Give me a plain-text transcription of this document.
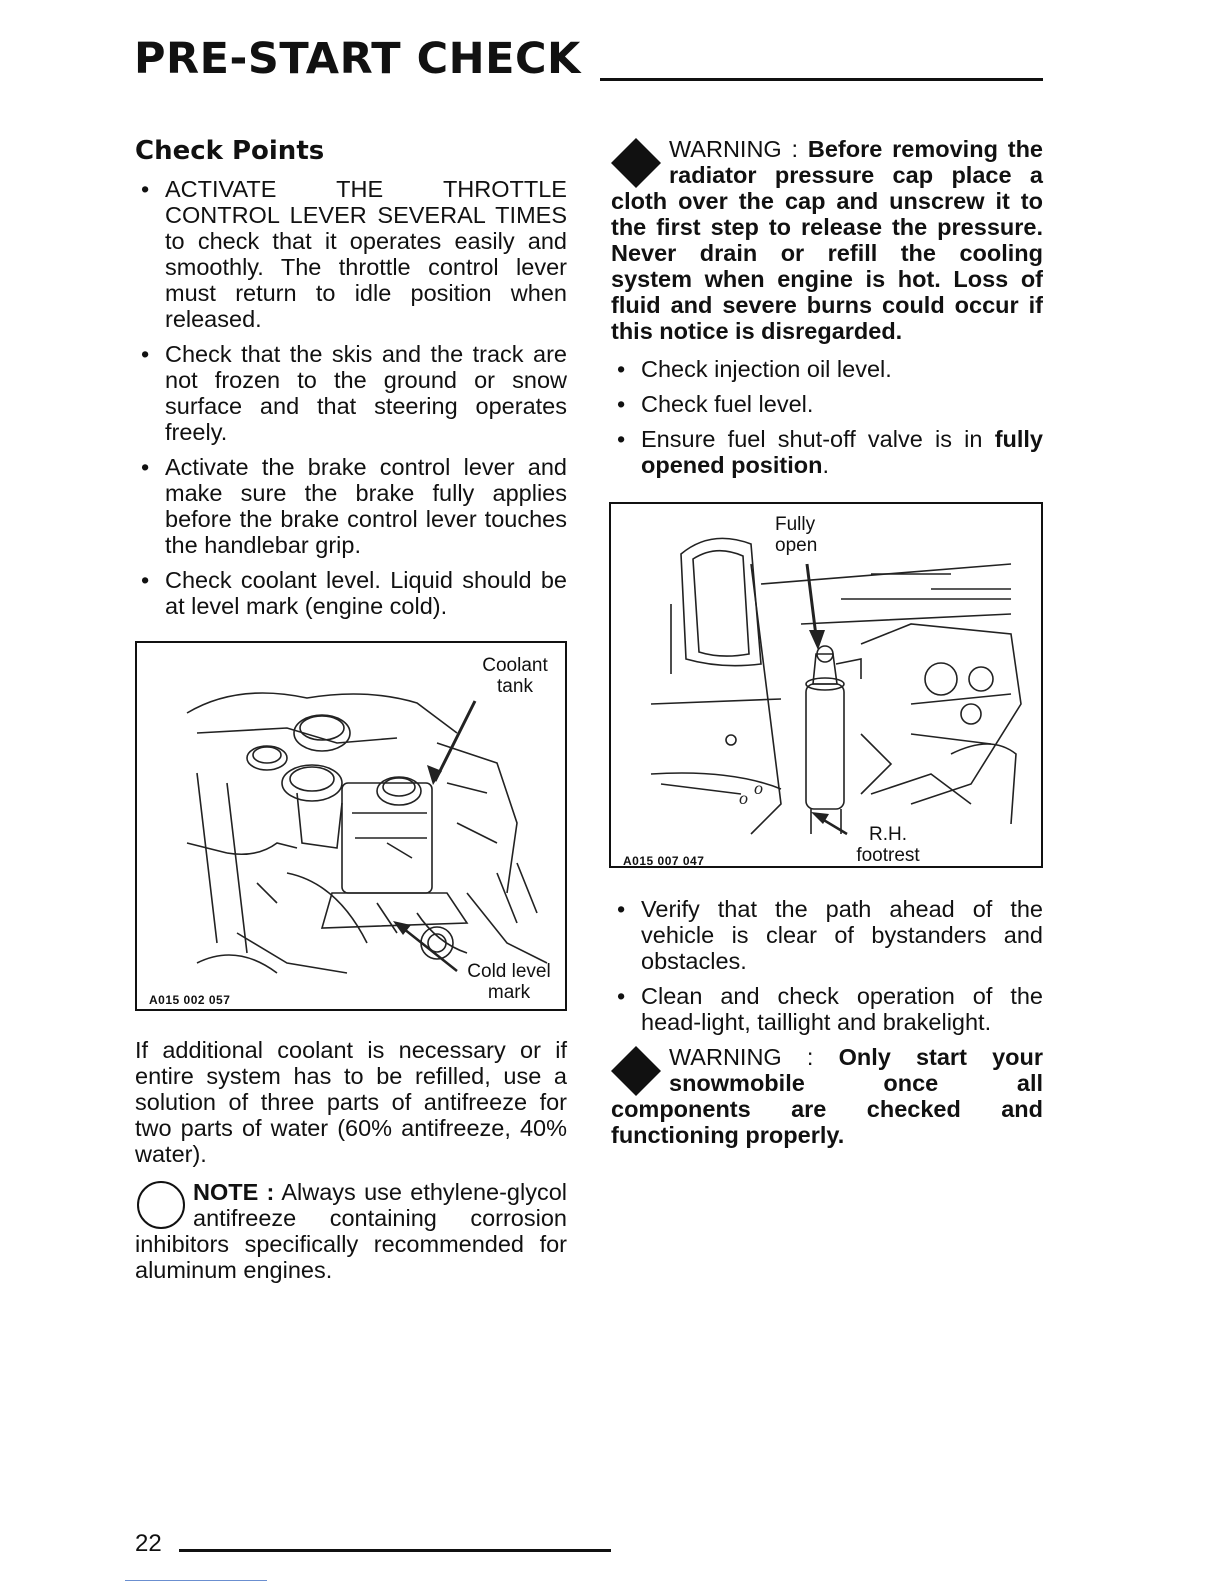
PRE-START CHECK
Check Points
• ACTIVATE THE THROTTLE CONTROL LEVER SEVERAL TIMES to check that it operates easily and smoothly. The throttle control lever must return to idle position when released.
• Check that the skis and the track are not frozen to the ground or snow surface and that steering operates freely.
• Activate the brake control lever and make sure the brake fully applies before the brake control lever touches the handlebar grip.
• Check coolant level. Liquid should be at level mark (engine cold).
Coolant
tank
Cold level
mark
A015 002 057

If additional coolant is necessary or if entire system has to be refilled, use a solution of three parts of antifreeze for two parts of water (60% antifreeze, 40% water).

NOTE : Always use ethylene-glycol antifreeze containing corrosion inhibitors specifically recommended for aluminum engines.
WARNING : Before removing the radiator pressure cap place a cloth over the cap and unscrew it to the first step to release the pressure. Never drain or refill the cooling system when engine is hot. Loss of fluid and severe burns could occur if this notice is disregarded.
• Check injection oil level.
• Check fuel level.
• Ensure fuel shut-off valve is in fully opened position.
o o
Fully
open
R.H.
footrest
A015 007 047
• Verify that the path ahead of the vehicle is clear of bystanders and obstacles.
• Clean and check operation of the head-light, taillight and brakelight.
WARNING : Only start your snowmobile once all components are checked and functioning properly.
22
